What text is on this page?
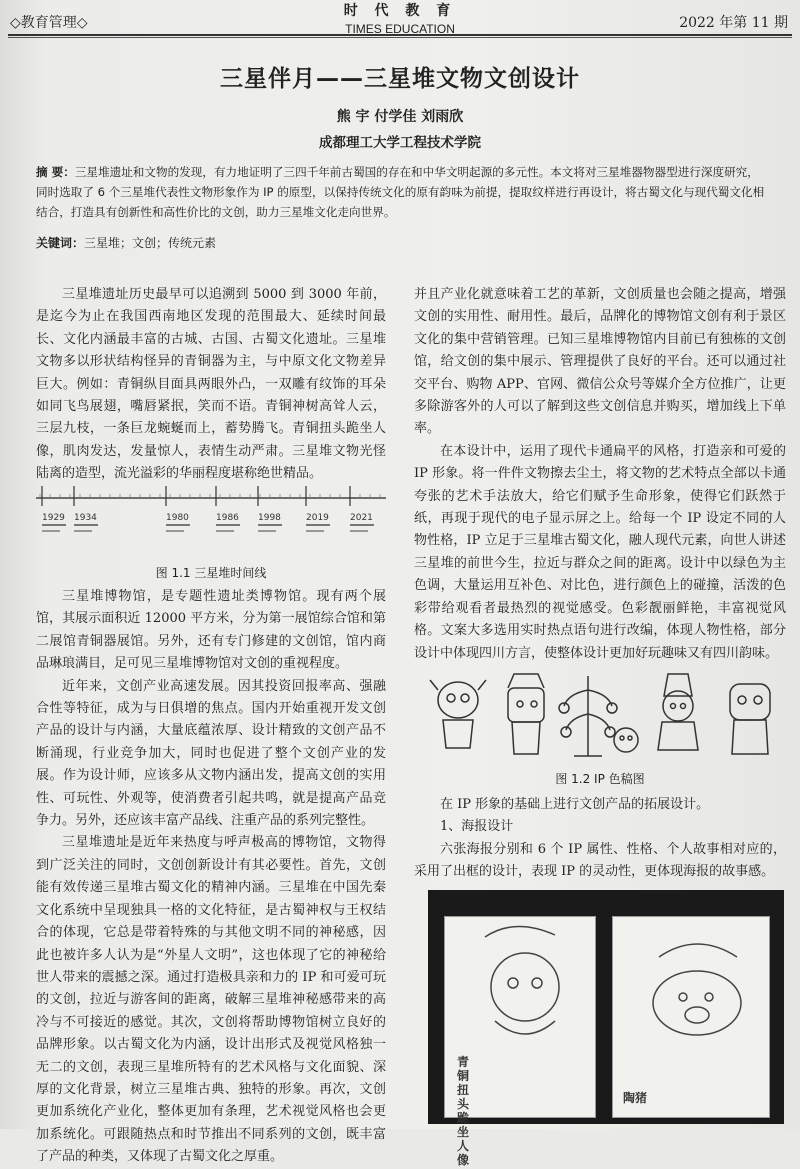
◇教育管理◇
时 代 教 育
TIMES EDUCATION	2022 年第 11 期
三星伴月——三星堆文物文创设计
熊 宇 付学佳 刘雨欣
成都理工大学工程技术学院
摘 要：三星堆遗址和文物的发现，有力地证明了三四千年前古蜀国的存在和中华文明起源的多元性。本文将对三星堆器物器型进行深度研究，同时选取了 6 个三星堆代表性文物形象作为 IP 的原型，以保持传统文化的原有韵味为前提，提取纹样进行再设计，将古蜀文化与现代蜀文化相结合，打造具有创新性和高性价比的文创，助力三星堆文化走向世界。
关键词：三星堆；文创；传统元素

三星堆遗址历史最早可以追溯到 5000 到 3000 年前，是迄今为止在我国西南地区发现的范围最大、延续时间最长、文化内涵最丰富的古城、古国、古蜀文化遗址。三星堆文物多以形状结构怪异的青铜器为主，与中原文化文物差异巨大。例如：青铜纵目面具两眼外凸，一双雕有纹饰的耳朵如同飞鸟展翅，嘴唇紧抿，笑而不语。青铜神树高耸人云，三层九枝，一条巨龙蜿蜒而上，蓄势腾飞。青铜扭头跪坐人像，肌肉发达，发量惊人，表情生动严肃。三星堆文物光怪陆离的造型，流光溢彩的华丽程度堪称绝世精品。

1929 1934	1980	1986 1998	2019 2021
图 1.1 三星堆时间线

三星堆博物馆，是专题性遗址类博物馆。现有两个展馆，其展示面积近 12000 平方米，分为第一展馆综合馆和第二展馆青铜器展馆。另外，还有专门修建的文创馆，馆内商品琳琅满目，足可见三星堆博物馆对文创的重视程度。

近年来，文创产业高速发展。因其投资回报率高、强融合性等特征，成为与日俱增的焦点。国内开始重视开发文创产品的设计与内涵，大量底蕴浓厚、设计精致的文创产品不断涌现，行业竞争加大，同时也促进了整个文创产业的发展。作为设计师，应该多从文物内涵出发，提高文创的实用性、可玩性、外观等，使消费者引起共鸣，就是提高产品竞争力。另外，还应该丰富产品线、注重产品的系列完整性。

三星堆遗址是近年来热度与呼声极高的博物馆，文物得到广泛关注的同时，文创创新设计有其必要性。首先，文创能有效传递三星堆古蜀文化的精神内涵。三星堆在中国先秦文化系统中呈现独具一格的文化特征，是古蜀神权与王权结合的体现，它总是带着特殊的与其他文明不同的神秘感，因此也被许多人认为是“外星人文明”，这也体现了它的神秘给世人带来的震撼之深。通过打造极具亲和力的 IP 和可爱可玩的文创，拉近与游客间的距离，破解三星堆神秘感带来的高冷与不可接近的感觉。其次，文创将帮助博物馆树立良好的品牌形象。以古蜀文化为内涵，设计出形式及视觉风格独一无二的文创，表现三星堆所特有的艺术风格与文化面貌、深厚的文化背景，树立三星堆古典、独特的形象。再次，文创更加系统化产业化，整体更加有条理，艺术视觉风格也会更加系统化。可跟随热点和时节推出不同系列的文创，既丰富了产品的种类，又体现了古蜀文化之厚重。

并且产业化就意味着工艺的革新，文创质量也会随之提高，增强文创的实用性、耐用性。最后，品牌化的博物馆文创有利于景区文化的集中营销管理。已知三星堆博物馆内目前已有独栋的文创馆，给文创的集中展示、管理提供了良好的平台。还可以通过社交平台、购物 APP、官网、微信公众号等媒介全方位推广，让更多除游客外的人可以了解到这些文创信息并购买，增加线上下单率。

在本设计中，运用了现代卡通扁平的风格，打造亲和可爱的 IP 形象。将一件件文物擦去尘土，将文物的艺术特点全部以卡通夸张的艺术手法放大，给它们赋予生命形象，使得它们跃然于纸，再现于现代的电子显示屏之上。给每一个 IP 设定不同的人物性格，IP 立足于三星堆古蜀文化，融人现代元素，向世人讲述三星堆的前世今生，拉近与群众之间的距离。设计中以绿色为主色调，大量运用互补色、对比色，进行颜色上的碰撞，活泼的色彩带给观看者最热烈的视觉感受。色彩靓丽鲜艳，丰富视觉风格。文案大多选用实时热点语句进行改编，体现人物性格，部分设计中体现四川方言，使整体设计更加好玩趣味又有四川韵味。

图 1.2 IP 色稿图

在 IP 形象的基础上进行文创产品的拓展设计。

1、海报设计

六张海报分别和 6 个 IP 属性、性格、个人故事相对应的，采用了出框的设计，表现 IP 的灵动性，更体现海报的故事感。

青铜扭头跪坐人像
陶猪
